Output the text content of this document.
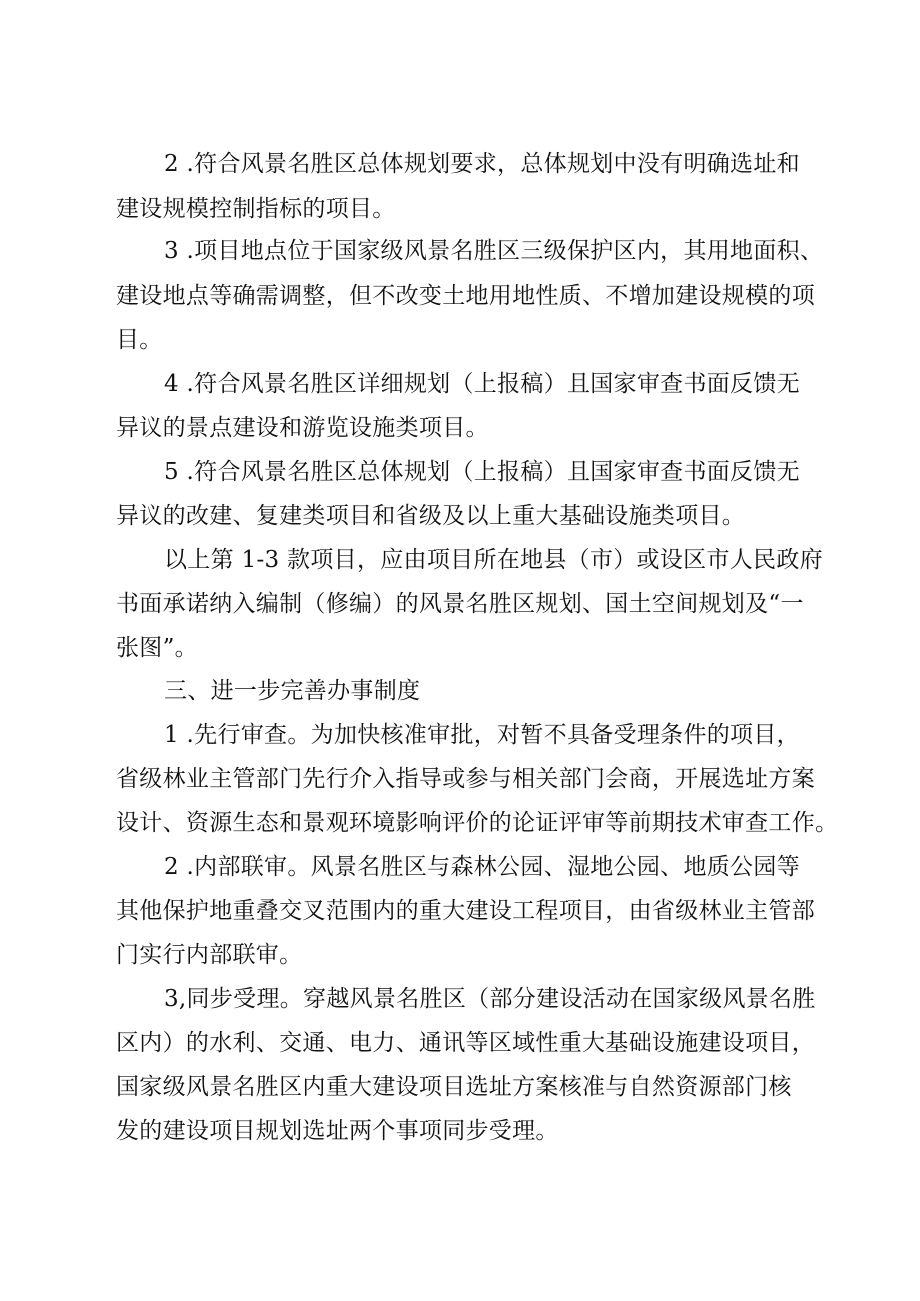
2 .符合风景名胜区总体规划要求，总体规划中没有明确选址和
建设规模控制指标的项目。
3 .项目地点位于国家级风景名胜区三级保护区内，其用地面积、
建设地点等确需调整，但不改变土地用地性质、不增加建设规模的项
目。
4 .符合风景名胜区详细规划（上报稿）且国家审查书面反馈无
异议的景点建设和游览设施类项目。
5 .符合风景名胜区总体规划（上报稿）且国家审查书面反馈无
异议的改建、复建类项目和省级及以上重大基础设施类项目。
以上第 1-3 款项目，应由项目所在地县（市）或设区市人民政府
书面承诺纳入编制（修编）的风景名胜区规划、国土空间规划及“一
张图”。
三、进一步完善办事制度
1 .先行审查。为加快核准审批，对暂不具备受理条件的项目，
省级林业主管部门先行介入指导或参与相关部门会商，开展选址方案
设计、资源生态和景观环境影响评价的论证评审等前期技术审查工作。
2 .内部联审。风景名胜区与森林公园、湿地公园、地质公园等
其他保护地重叠交叉范围内的重大建设工程项目，由省级林业主管部
门实行内部联审。
3,同步受理。穿越风景名胜区（部分建设活动在国家级风景名胜
区内）的水利、交通、电力、通讯等区域性重大基础设施建设项目，
国家级风景名胜区内重大建设项目选址方案核准与自然资源部门核
发的建设项目规划选址两个事项同步受理。
